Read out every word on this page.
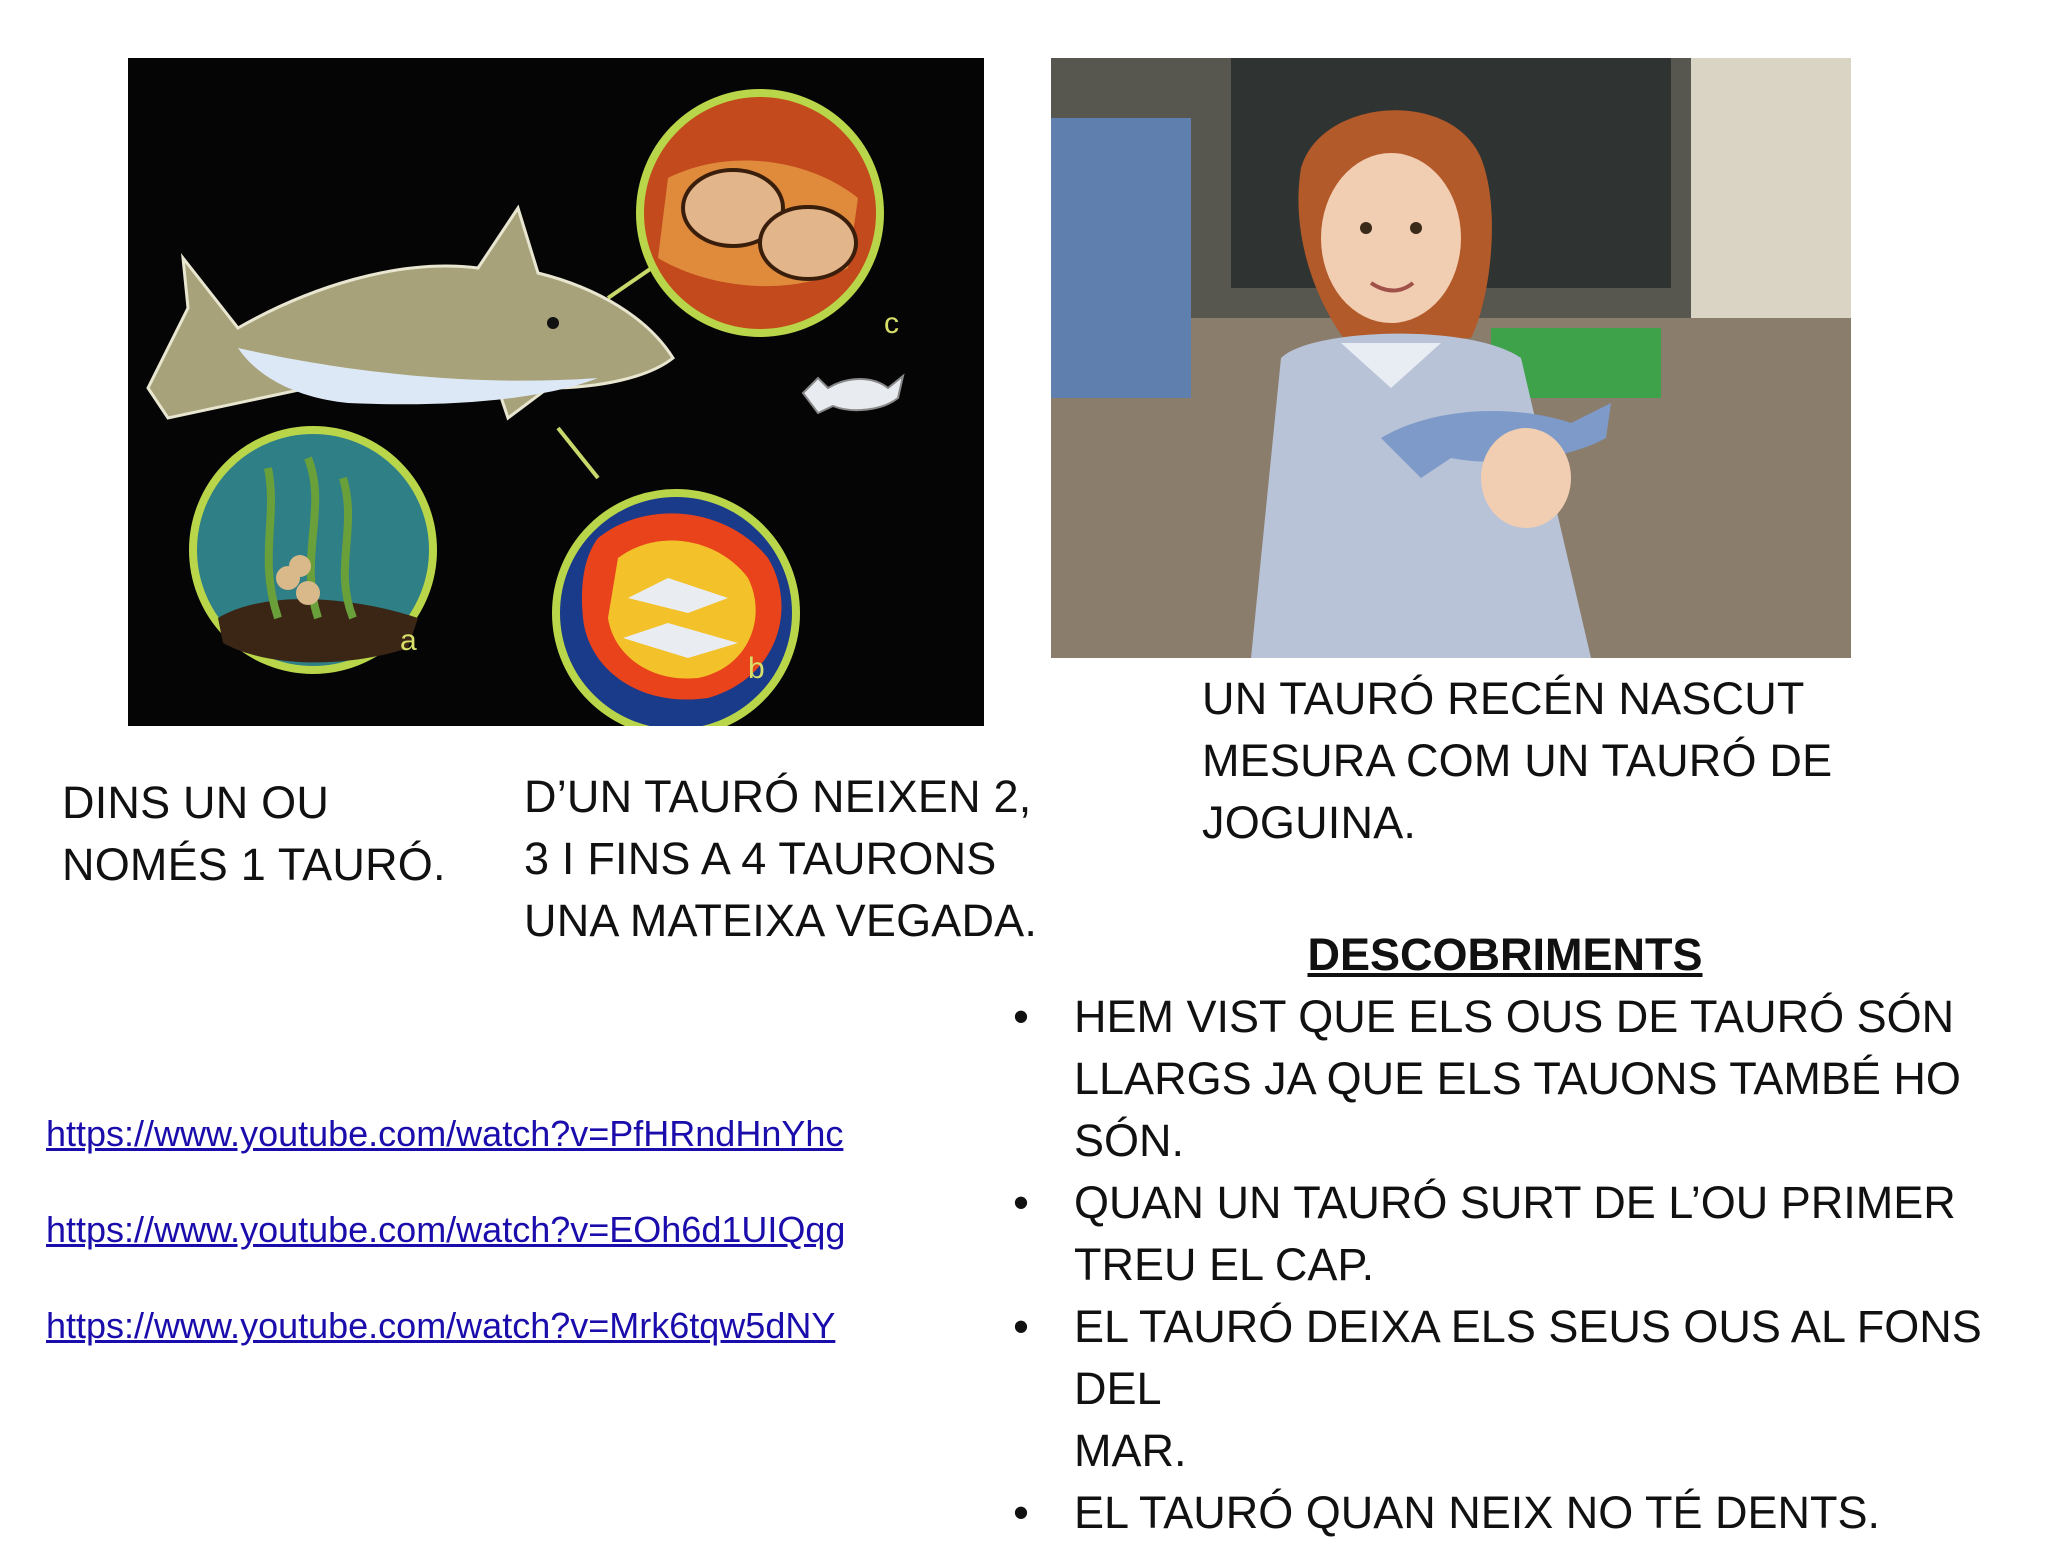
a
b
c
UN TAURÓ RECÉN NASCUT
MESURA COM UN TAURÓ DE
JOGUINA.
DINS UN OU
NOMÉS 1 TAURÓ.
D’UN TAURÓ NEIXEN 2,
3 I FINS A 4 TAURONS
UNA MATEIXA VEGADA.
https://www.youtube.com/watch?v=PfHRndHnYhc
https://www.youtube.com/watch?v=EOh6d1UIQqg
https://www.youtube.com/watch?v=Mrk6tqw5dNY
DESCOBRIMENTS
• HEM VIST QUE ELS OUS DE TAURÓ SÓN
LLARGS JA QUE ELS TAUONS TAMBÉ HO
SÓN.
• QUAN UN TAURÓ SURT DE L’OU PRIMER
TREU EL CAP.
• EL TAURÓ DEIXA ELS SEUS OUS AL FONS DEL
MAR.
• EL TAURÓ QUAN NEIX NO TÉ DENTS.
